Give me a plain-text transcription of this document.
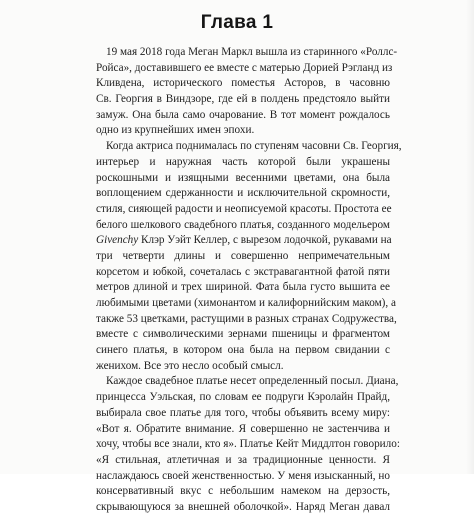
Глава 1
19 мая 2018 года Меган Маркл вышла из старинного «Роллс-
Ройса», доставившего ее вместе с матерью Дорией Рэгланд из
Кливдена, исторического поместья Асторов, в часовню
Св. Георгия в Виндзоре, где ей в полдень предстояло выйти
замуж. Она была само очарование. В тот момент рождалось
одно из крупнейших имен эпохи.
Когда актриса поднималась по ступеням часовни Св. Георгия,
интерьер и наружная часть которой были украшены
роскошными и изящными весенними цветами, она была
воплощением сдержанности и исключительной скромности,
стиля, сияющей радости и неописуемой красоты. Простота ее
белого шелкового свадебного платья, созданного модельером
Givenchy Клэр Уэйт Келлер, с вырезом лодочкой, рукавами на
три четверти длины и совершенно непримечательным
корсетом и юбкой, сочеталась с экстравагантной фатой пяти
метров длиной и трех шириной. Фата была густо вышита ее
любимыми цветами (химонантом и калифорнийским маком), а
также 53 цветками, растущими в разных странах Содружества,
вместе с символическими зернами пшеницы и фрагментом
синего платья, в котором она была на первом свидании с
женихом. Все это несло особый смысл.
Каждое свадебное платье несет определенный посыл. Диана,
принцесса Уэльская, по словам ее подруги Кэролайн Прайд,
выбирала свое платье для того, чтобы объявить всему миру:
«Вот я. Обратите внимание. Я совершенно не застенчива и
хочу, чтобы все знали, кто я». Платье Кейт Миддлтон говорило:
«Я стильная, атлетичная и за традиционные ценности. Я
наслаждаюсь своей женственностью. У меня изысканный, но
консервативный вкус с небольшим намеком на дерзость,
скрывающуюся за внешней оболочкой». Наряд Меган давал
